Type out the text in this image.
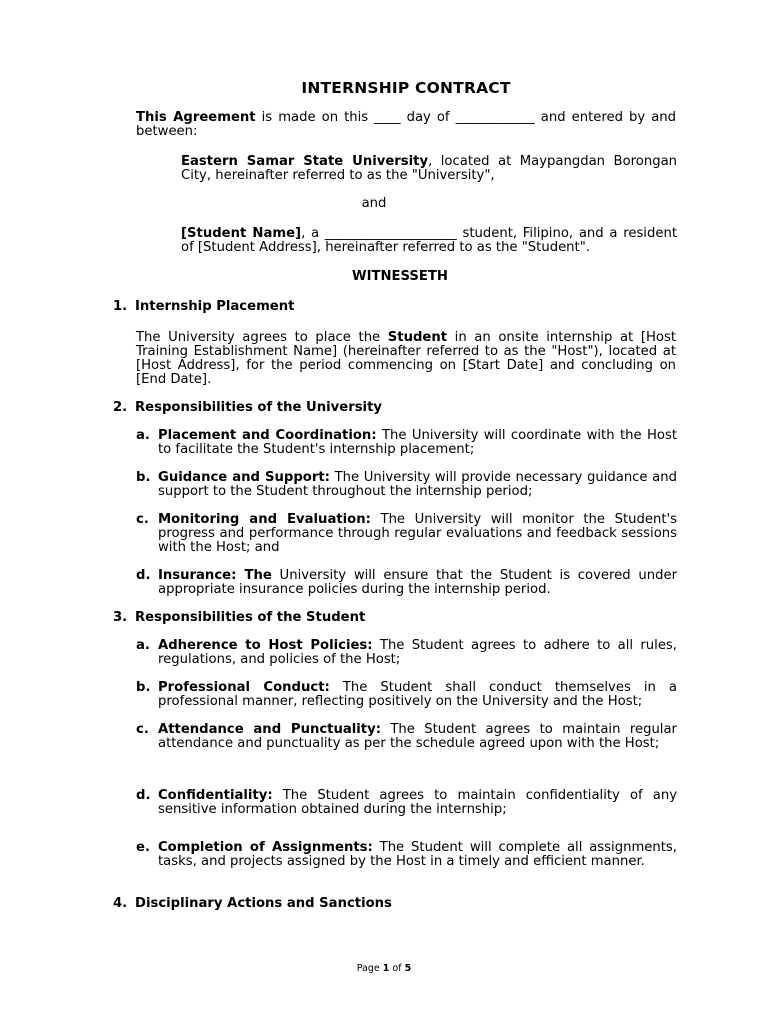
INTERNSHIP CONTRACT
This Agreement is made on this ____ day of ____________ and entered by and between:
Eastern Samar State University, located at Maypangdan Borongan City, hereinafter referred to as the "University",
and
[Student Name], a ____________________ student, Filipino, and a resident of [Student Address], hereinafter referred to as the "Student".
WITNESSETH
1. Internship Placement
The University agrees to place the Student in an onsite internship at [Host Training Establishment Name] (hereinafter referred to as the "Host"), located at [Host Address], for the period commencing on [Start Date] and concluding on [End Date].
2. Responsibilities of the University
a. Placement and Coordination: The University will coordinate with the Host to facilitate the Student's internship placement;
b. Guidance and Support: The University will provide necessary guidance and support to the Student throughout the internship period;
c. Monitoring and Evaluation: The University will monitor the Student's progress and performance through regular evaluations and feedback sessions with the Host; and
d. Insurance: The University will ensure that the Student is covered under appropriate insurance policies during the internship period.
3. Responsibilities of the Student
a. Adherence to Host Policies: The Student agrees to adhere to all rules, regulations, and policies of the Host;
b. Professional Conduct: The Student shall conduct themselves in a professional manner, reflecting positively on the University and the Host;
c. Attendance and Punctuality: The Student agrees to maintain regular attendance and punctuality as per the schedule agreed upon with the Host;
d. Confidentiality: The Student agrees to maintain confidentiality of any sensitive information obtained during the internship;
e. Completion of Assignments: The Student will complete all assignments, tasks, and projects assigned by the Host in a timely and efficient manner.
4. Disciplinary Actions and Sanctions
Page 1 of 5
